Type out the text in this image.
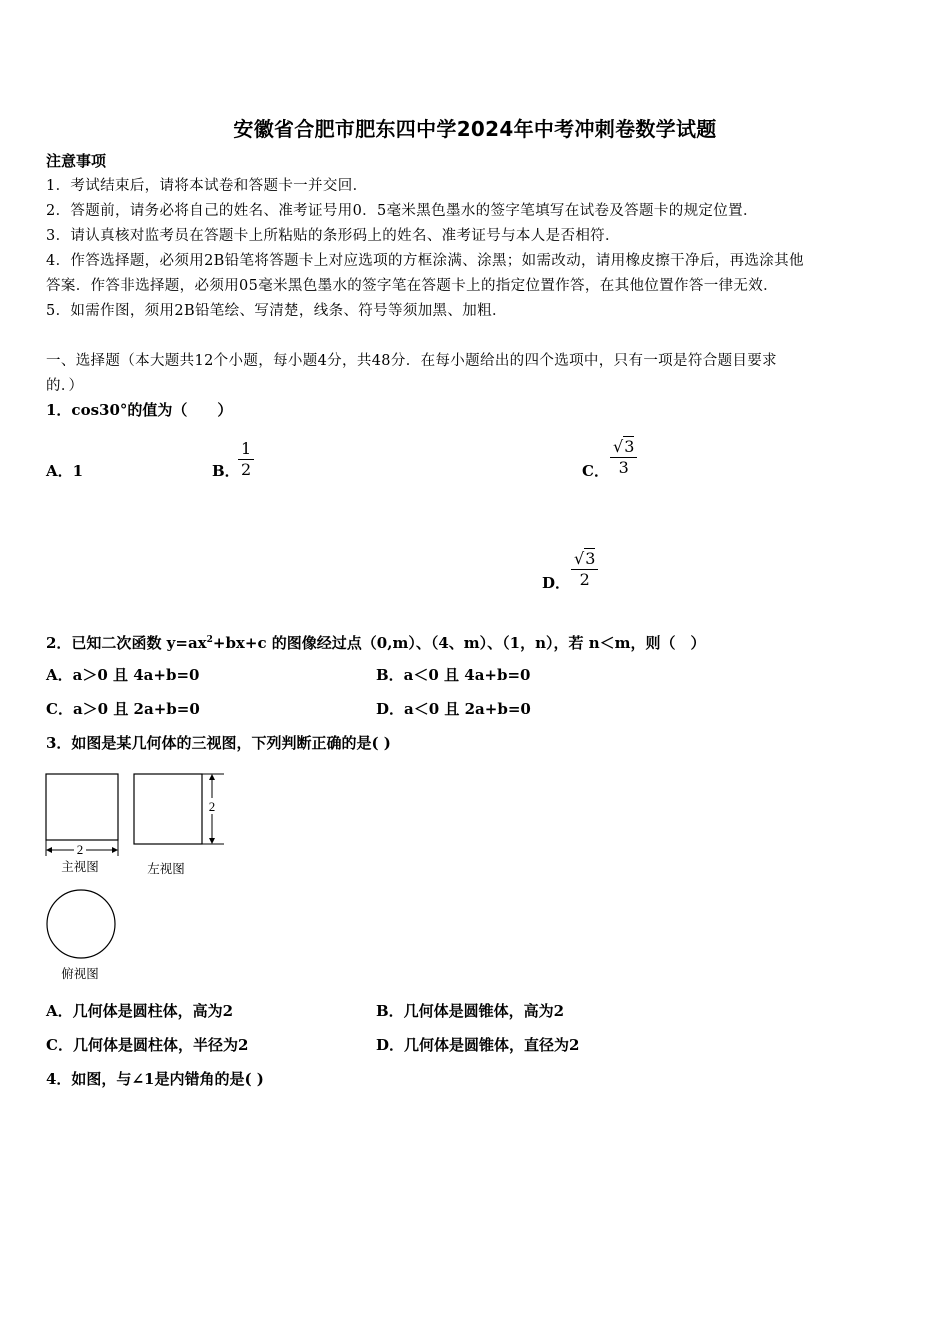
安徽省合肥市肥东四中学2024年中考冲刺卷数学试题
注意事项
1．考试结束后，请将本试卷和答题卡一并交回．
2．答题前，请务必将自己的姓名、准考证号用0．5毫米黑色墨水的签字笔填写在试卷及答题卡的规定位置．
3．请认真核对监考员在答题卡上所粘贴的条形码上的姓名、准考证号与本人是否相符．
4．作答选择题，必须用2B铅笔将答题卡上对应选项的方框涂满、涂黑；如需改动，请用橡皮擦干净后，再选涂其他
答案．作答非选择题，必须用05毫米黑色墨水的签字笔在答题卡上的指定位置作答，在其他位置作答一律无效．
5．如需作图，须用2B铅笔绘、写清楚，线条、符号等须加黑、加粗．
一、选择题（本大题共12个小题，每小题4分，共48分．在每小题给出的四个选项中，只有一项是符合题目要求
的．）
1．cos30°的值为（　　）
A．1	B．
1
2	C．
√3
3
D．
√3
2
2．已知二次函数 $y=ax^2+bx+c$ 的图像经过点（0,m）、（4、m）、（1，n），若 n＜m，则（　）
A．a＞0 且 4a+b=0	B．a＜0 且 4a+b=0
C．a＞0 且 2a+b=0	D．a＜0 且 2a+b=0
3．如图是某几何体的三视图，下列判断正确的是( )
2
主视图
2
左视图
俯视图
A．几何体是圆柱体，高为2	B．几何体是圆锥体，高为2
C．几何体是圆柱体，半径为2	D．几何体是圆锥体，直径为2
4．如图，与∠1是内错角的是( )
